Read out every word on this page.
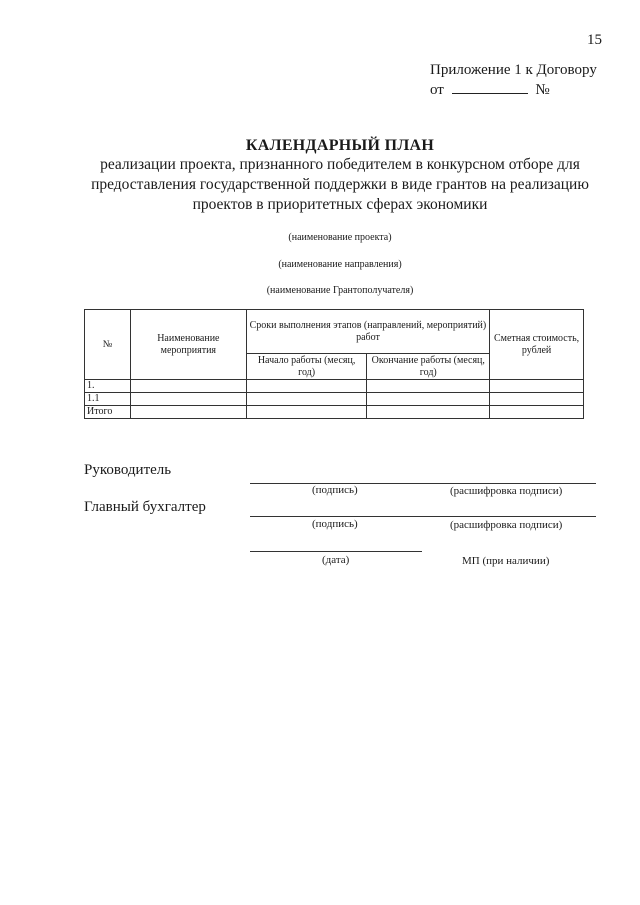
15
Приложение 1 к Договору
от	№
КАЛЕНДАРНЫЙ ПЛАН
реализации проекта, признанного победителем в конкурсном отборе для предоставления государственной поддержки в виде грантов на реализацию проектов в приоритетных сферах экономики
(наименование проекта)
(наименование направления)
(наименование Грантополучателя)
№	Наименование мероприятия	Сроки выполнения этапов (направлений, мероприятий) работ		Сметная стоимость, рублей
		Начало работы (месяц, год)	Окончание работы (месяц, год)	
1.				
1.1				
Итого				
Руководитель
(подпись)	(расшифровка подписи)
Главный бухгалтер
(подпись)	(расшифровка подписи)
(дата)	МП (при наличии)
